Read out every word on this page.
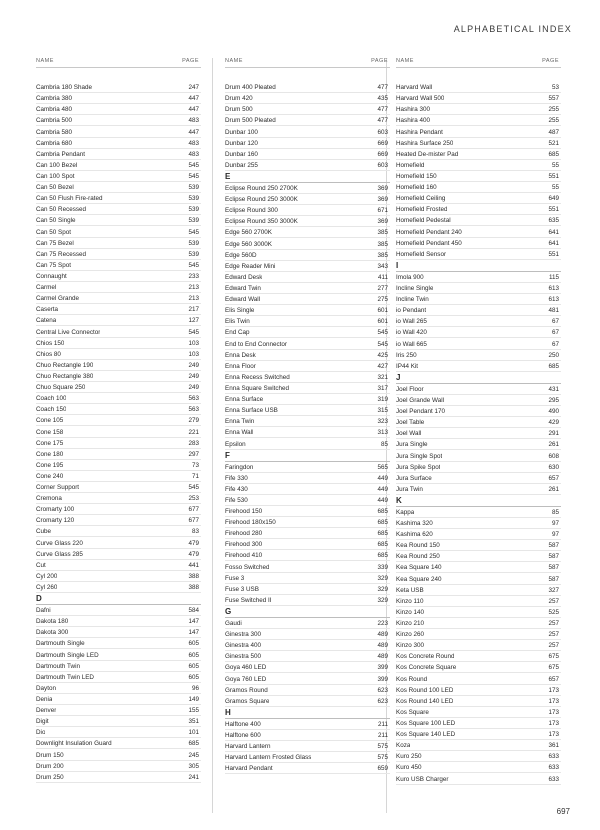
ALPHABETICAL INDEX
NAME	PAGE
Cambria 180 Shade	247
Cambria 380	447
Cambria 480	447
Cambria 500	483
Cambria 580	447
Cambria 680	483
Cambria Pendant	483
Can 100 Bezel	545
Can 100 Spot	545
Can 50 Bezel	539
Can 50 Flush Fire-rated	539
Can 50 Recessed	539
Can 50 Single	539
Can 50 Spot	545
Can 75 Bezel	539
Can 75 Recessed	539
Can 75 Spot	545
Connaught	233
Carmel	213
Carmel Grande	213
Caserta	217
Catena	127
Central Live Connector	545
Chios 150	103
Chios 80	103
Chuo Rectangle 190	249
Chuo Rectangle 380	249
Chuo Square 250	249
Coach 100	563
Coach 150	563
Cone 105	279
Cone 158	221
Cone 175	283
Cone 180	297
Cone 195	73
Cone 240	71
Corner Support	545
Cremona	253
Cromarty 100	677
Cromarty 120	677
Cube	83
Curve Glass 220	479
Curve Glass 285	479
Cut	441
Cyl 200	388
Cyl 260	388
D
Dafni	584
Dakota 180	147
Dakota 300	147
Dartmouth Single	605
Dartmouth Single LED	605
Dartmouth Twin	605
Dartmouth Twin LED	605
Dayton	96
Denia	149
Denver	155
Digit	351
Dio	101
Downlight Insulation Guard	685
Drum 150	245
Drum 200	305
Drum 250	241
NAME	PAGE
Drum 400 Pleated	477
Drum 420	435
Drum 500	477
Drum 500 Pleated	477
Dunbar 100	603
Dunbar 120	669
Dunbar 160	669
Dunbar 255	603
E
Eclipse Round 250 2700K	369
Eclipse Round 250 3000K	369
Eclipse Round 300	671
Eclipse Round 350 3000K	369
Edge 560 2700K	385
Edge 560 3000K	385
Edge 560D	385
Edge Reader Mini	343
Edward Desk	411
Edward Twin	277
Edward Wall	275
Elis Single	601
Elis Twin	601
End Cap	545
End to End Connector	545
Enna Desk	425
Enna Floor	427
Enna Recess Switched	321
Enna Square Switched	317
Enna Surface	319
Enna Surface USB	315
Enna Twin	323
Enna Wall	313
Epsilon	85
F
Faringdon	565
Fife 330	449
Fife 430	449
Fife 530	449
Firehood 150	685
Firehood 180x150	685
Firehood 280	685
Firehood 300	685
Firehood 410	685
Fosso Switched	339
Fuse 3	329
Fuse 3 USB	329
Fuse Switched II	329
G
Gaudi	223
Ginestra 300	489
Ginestra 400	489
Ginestra 500	489
Goya 460 LED	399
Goya 760 LED	399
Gramos Round	623
Gramos Square	623
H
Halftone 400	211
Halftone 600	211
Harvard Lantern	575
Harvard Lantern Frosted Glass	575
Harvard Pendant	659
NAME	PAGE
Harvard Wall	53
Harvard Wall 500	557
Hashira 300	255
Hashira 400	255
Hashira Pendant	487
Hashira Surface 250	521
Heated De-mister Pad	685
Homefield	55
Homefield 150	551
Homefield 160	55
Homefield Ceiling	649
Homefield Frosted	551
Homefield Pedestal	635
Homefield Pendant 240	641
Homefield Pendant 450	641
Homefield Sensor	551
I
Imola 900	115
Incline Single	613
Incline Twin	613
io Pendant	481
io Wall 265	67
io Wall 420	67
io Wall 665	67
Iris 250	250
IP44 Kit	685
J
Joel Floor	431
Joel Grande Wall	295
Joel Pendant 170	490
Joel Table	429
Joel Wall	291
Jura Single	261
Jura Single Spot	608
Jura Spike Spot	630
Jura Surface	657
Jura Twin	261
K
Kappa	85
Kashima 320	97
Kashima 620	97
Kea Round 150	587
Kea Round 250	587
Kea Square 140	587
Kea Square 240	587
Keta USB	327
Kinzo 110	257
Kinzo 140	525
Kinzo 210	257
Kinzo 260	257
Kinzo 300	257
Kos Concrete Round	675
Kos Concrete Square	675
Kos Round	657
Kos Round 100 LED	173
Kos Round 140 LED	173
Kos Square	173
Kos Square 100 LED	173
Kos Square 140 LED	173
Koza	361
Kuro 250	633
Kuro 450	633
Kuro USB Charger	633
697
